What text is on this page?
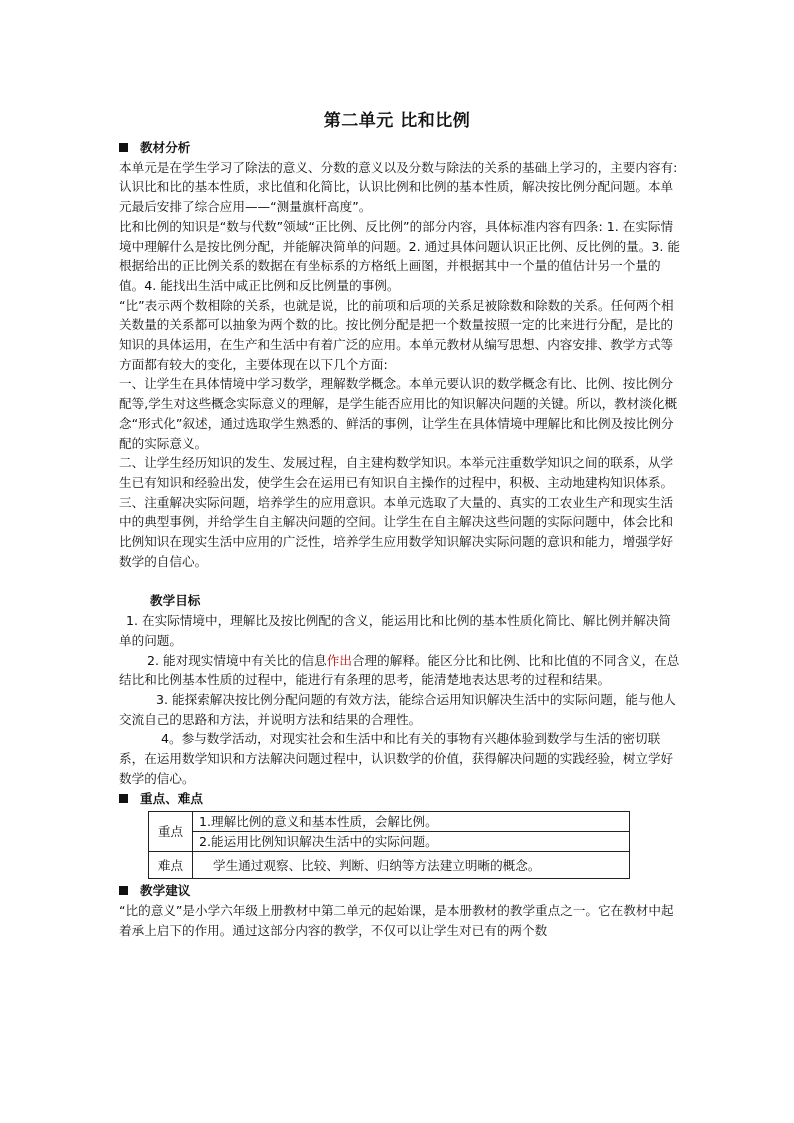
第二单元 比和比例
教材分析

本单元是在学生学习了除法的意义、分数的意义以及分数与除法的关系的基础上学习的，主要内容有: 认识比和比的基本性质，求比值和化简比，认识比例和比例的基本性质，解决按比例分配问题。本单元最后安排了综合应用——“测量旗杆高度”。

比和比例的知识是“数与代数”领域“正比例、反比例”的部分内容，具体标准内容有四条: 1. 在实际情境中理解什么是按比例分配，并能解决简单的问题。2. 通过具体问题认识正比例、反比例的量。3. 能根据给出的正比例关系的数据在有坐标系的方格纸上画图，并根据其中一个量的值估计另一个量的值。4. 能找出生活中咸正比例和反比例量的事例。

“比”表示两个数相除的关系，也就是说，比的前项和后项的关系足被除数和除数的关系。任何两个相关数量的关系都可以抽象为两个数的比。按比例分配是把一个数量按照一定的比来进行分配，是比的知识的具体运用，在生产和生活中有着广泛的应用。本单元教材从编写思想、内容安排、教学方式等方面都有较大的变化，主要体现在以下几个方面:

一、让学生在具体情境中学习数学，理解数学概念。本单元要认识的数学概念有比、比例、按比例分配等,学生对这些概念实际意义的理解，是学生能否应用比的知识解决问题的关键。所以，教材淡化概念“形式化”叙述，通过选取学生熟悉的、鲜活的事例，让学生在具体情境中理解比和比例及按比例分配的实际意义。

二、让学生经历知识的发生、发展过程，自主建构数学知识。本举元注重数学知识之间的联系，从学生已有知识和经验出发，使学生会在运用已有知识自主操作的过程中，积极、主动地建构知识体系。

三、注重解决实际问题，培养学生的应用意识。本单元选取了大量的、真实的工农业生产和现实生活中的典型事例，并给学生自主解决问题的空间。让学生在自主解决这些问题的实际问题中，体会比和比例知识在现实生活中应用的广泛性，培养学生应用数学知识解决实际问题的意识和能力，增强学好数学的自信心。

教学目标

1. 在实际情境中，理解比及按比例配的含义，能运用比和比例的基本性质化简比、解比例并解决简单的问题。

2. 能对现实情境中有关比的信息作出合理的解释。能区分比和比例、比和比值的不同含义，在总结比和比例基本性质的过程中，能进行有条理的思考，能清楚地表达思考的过程和结果。

3. 能探索解决按比例分配问题的有效方法，能综合运用知识解决生活中的实际问题，能与他人交流自己的思路和方法，并说明方法和结果的合理性。

4。参与数学活动，对现实社会和生活中和比有关的事物有兴趣体验到数学与生活的密切联系，在运用数学知识和方法解决问题过程中，认识数学的价值，获得解决问题的实践经验，树立学好数学的信心。

重点、难点
重点	1.理解比例的意义和基本性质，会解比例。
	2.能运用比例知识解决生活中的实际问题。
难点	学生通过观察、比较、判断、归纳等方法建立明晰的概念。
教学建议

“比的意义”是小学六年级上册教材中第二单元的起始课，是本册教材的教学重点之一。它在教材中起着承上启下的作用。通过这部分内容的教学，不仅可以让学生对已有的两个数
